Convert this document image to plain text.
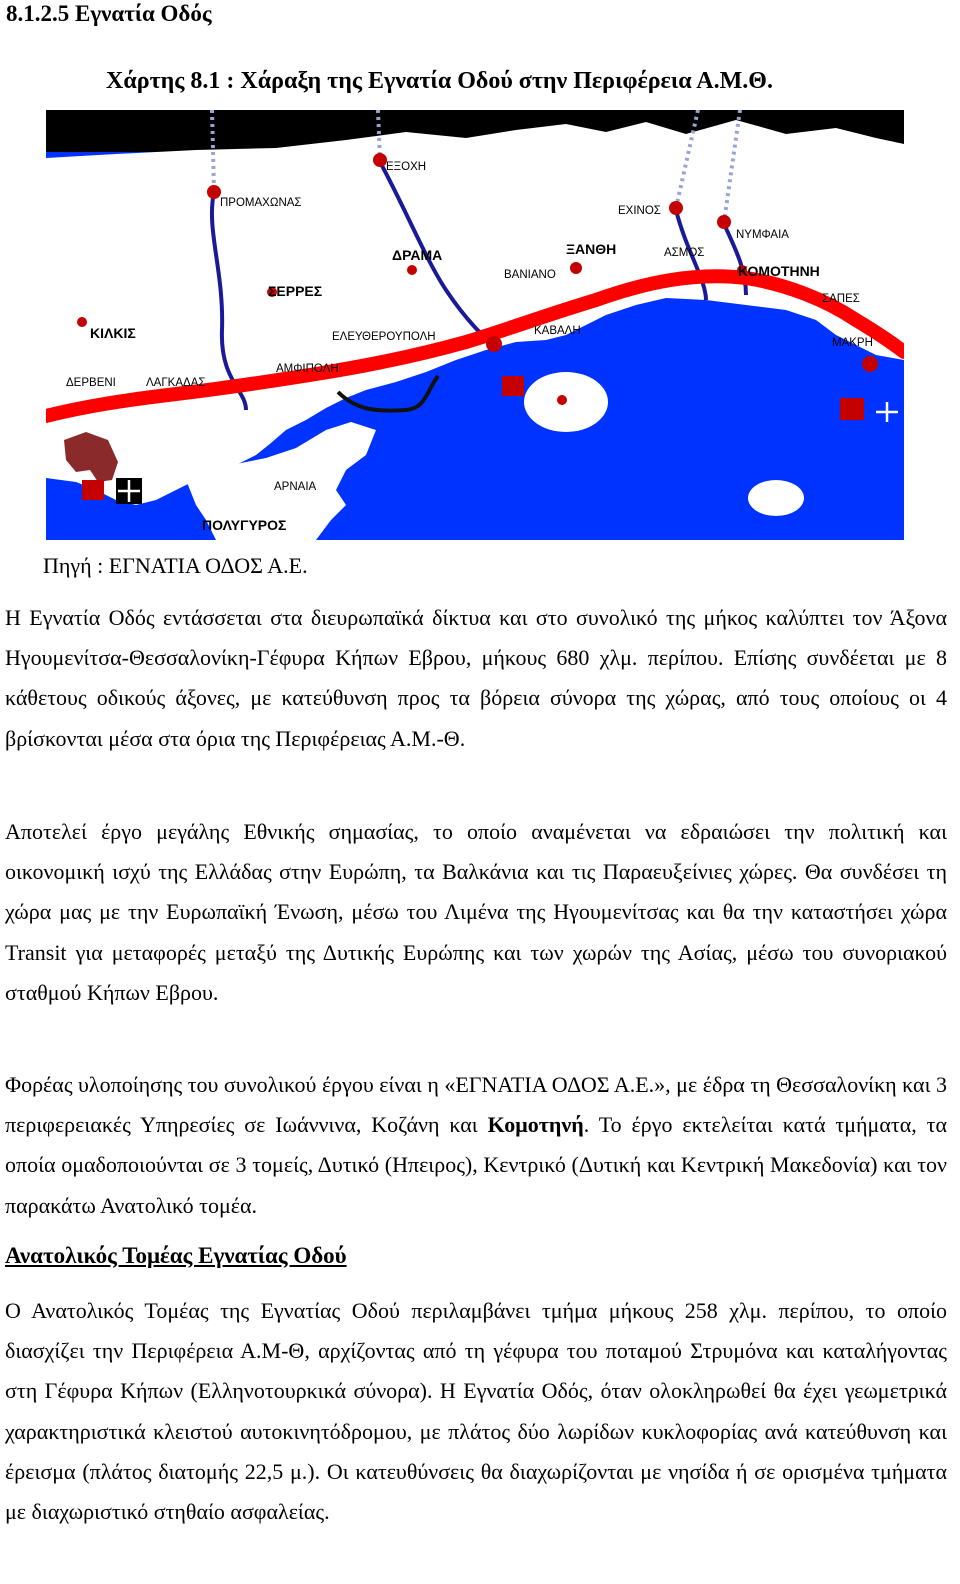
8.1.2.5 Εγνατία Οδός
Χάρτης 8.1 : Χάραξη της Εγνατία Οδού στην Περιφέρεια Α.Μ.Θ.
ΕΞΟΧΗ
ΠΡΟΜΑΧΩΝΑΣ
ΕΧΙΝΟΣ
ΝΥΜΦΑΙΑ
ΔΡΑΜΑ	ΞΑΝΘΗ	ΑΣΜΟΣ
ΚΟΜΟΤΗΝΗ
ΣΕΡΡΕΣ
ΒΑΝΙΑΝΟ
ΣΑΠΕΣ
ΚΙΛΚΙΣ	ΕΛΕΥΘΕΡΟΥΠΟΛΗ	ΚΑΒΑΛΗ
ΜΑΚΡΗ
ΑΜΦΙΠΟΛΗ
ΔΕΡΒΕΝΙ	ΛΑΓΚΑΔΑΣ
ΑΡΝΑΙΑ
ΠΟΛΥΓΥΡΟΣ
Πηγή : ΕΓΝΑΤΙΑ ΟΔΟΣ Α.Ε.

Η Εγνατία Οδός εντάσσεται στα διευρωπαϊκά δίκτυα και στο συνολικό της μήκος καλύπτει τον Άξονα Ηγουμενίτσα-Θεσσαλονίκη-Γέφυρα Κήπων Εβρου, μήκους 680 χλμ. περίπου. Επίσης συνδέεται με 8 κάθετους οδικούς άξονες, με κατεύθυνση προς τα βόρεια σύνορα της χώρας, από τους οποίους οι 4 βρίσκονται μέσα στα όρια της Περιφέρειας Α.Μ.-Θ.

Αποτελεί έργο μεγάλης Εθνικής σημασίας, το οποίο αναμένεται να εδραιώσει την πολιτική και οικονομική ισχύ της Ελλάδας στην Ευρώπη, τα Βαλκάνια και τις Παραευξείνιες χώρες. Θα συνδέσει τη χώρα μας με την Ευρωπαϊκή Ένωση, μέσω του Λιμένα της Ηγουμενίτσας και θα την καταστήσει χώρα Transit για μεταφορές μεταξύ της Δυτικής Ευρώπης και των χωρών της Ασίας, μέσω του συνοριακού σταθμού Κήπων Εβρου.

Φορέας υλοποίησης του συνολικού έργου είναι η «ΕΓΝΑΤΙΑ ΟΔΟΣ Α.Ε.», με έδρα τη Θεσσαλονίκη και 3 περιφερειακές Υπηρεσίες σε Ιωάννινα, Κοζάνη και Κομοτηνή. Το έργο εκτελείται κατά τμήματα, τα οποία ομαδοποιούνται σε 3 τομείς, Δυτικό (Ηπειρος), Κεντρικό (Δυτική και Κεντρική Μακεδονία) και τον παρακάτω Ανατολικό τομέα.

Ανατολικός Τομέας Εγνατίας Οδού

Ο Ανατολικός Τομέας της Εγνατίας Οδού περιλαμβάνει τμήμα μήκους 258 χλμ. περίπου, το οποίο διασχίζει την Περιφέρεια Α.Μ-Θ, αρχίζοντας από τη γέφυρα του ποταμού Στρυμόνα και καταλήγοντας στη Γέφυρα Κήπων (Ελληνοτουρκικά σύνορα). Η Εγνατία Οδός, όταν ολοκληρωθεί θα έχει γεωμετρικά χαρακτηριστικά κλειστού αυτοκινητόδρομου, με πλάτος δύο λωρίδων κυκλοφορίας ανά κατεύθυνση και έρεισμα (πλάτος διατομής 22,5 μ.). Οι κατευθύνσεις θα διαχωρίζονται με νησίδα ή σε ορισμένα τμήματα με διαχωριστικό στηθαίο ασφαλείας.
